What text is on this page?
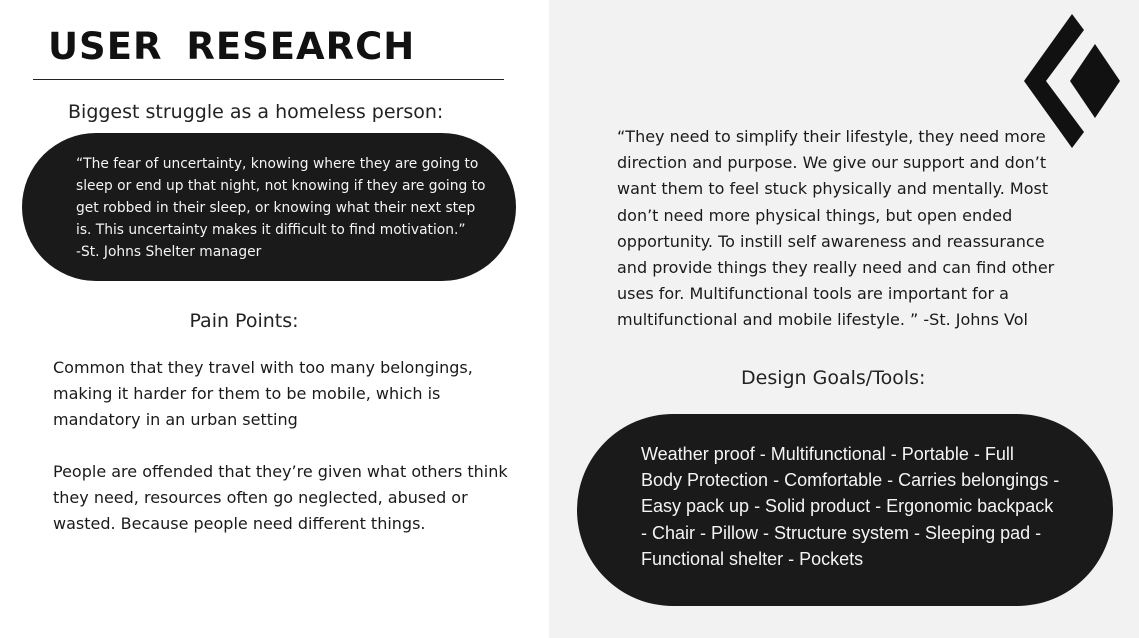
USER RESEARCH
Biggest struggle as a homeless person:
“The fear of uncertainty, knowing where they are going to
sleep or end up that night, not knowing if they are going to
get robbed in their sleep, or knowing what their next step
is. This uncertainty makes it difficult to find motivation.”
-St. Johns Shelter manager
Pain Points:
Common that they travel with too many belongings,
making it harder for them to be mobile, which is
mandatory in an urban setting
People are offended that they’re given what others think
they need, resources often go neglected, abused or
wasted. Because people need different things.
“They need to simplify their lifestyle, they need more
direction and purpose. We give our support and don’t
want them to feel stuck physically and mentally. Most
don’t need more physical things, but open ended
opportunity. To instill self awareness and reassurance
and provide things they really need and can find other
uses for. Multifunctional tools are important for a
multifunctional and mobile lifestyle. ” -St. Johns Vol
Design Goals/Tools:
Weather proof - Multifunctional - Portable - Full
Body Protection - Comfortable - Carries belongings -
Easy pack up - Solid product - Ergonomic backpack
- Chair - Pillow - Structure system - Sleeping pad -
Functional shelter - Pockets
